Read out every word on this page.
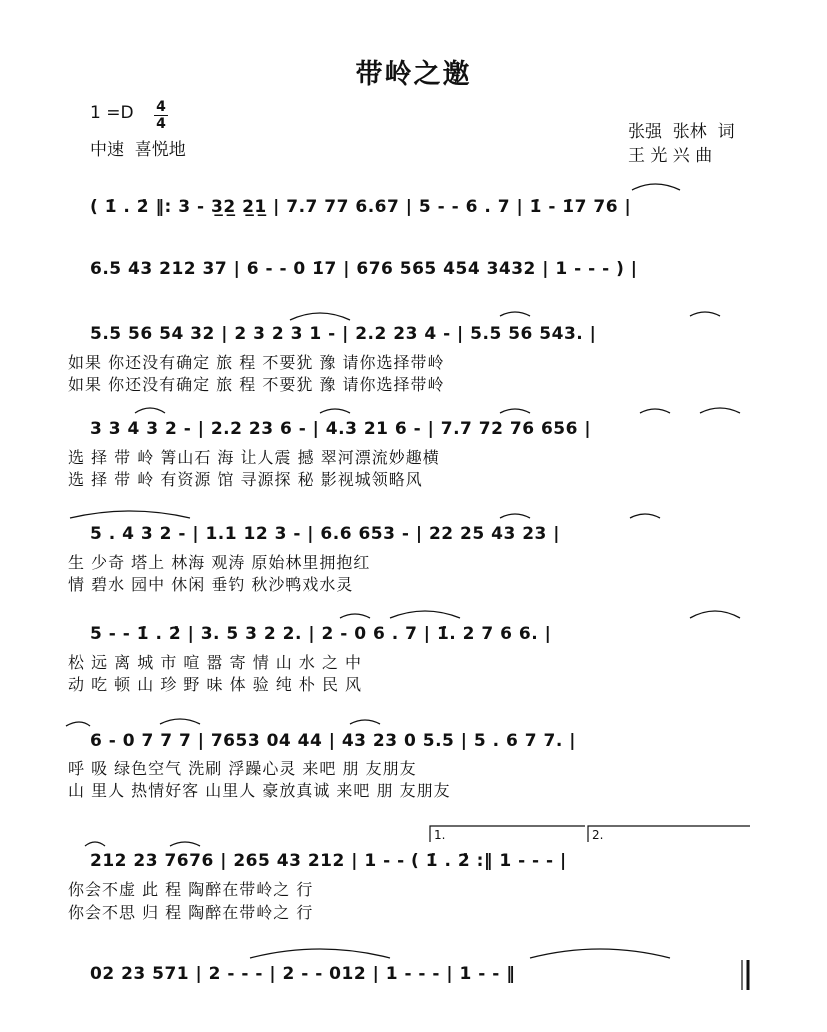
带岭之邀
1 =D 4
4
中速  喜悦地
张强  张林  词
王 光 兴 曲
( 1̇ . 2̇ ‖: 3 - 3̲2̲ 2̲1̲ | 7.7 77 6.67 | 5 - - 6 . 7 | 1̇ - 1̇7 76 |
6.5 43 212 37 | 6 - - 0 1̇7 | 676 565 454 3432 | 1 - - - ) |
5.5 56 54 32 | 2 3 2 3 1 - | 2.2 23 4 - | 5.5 56 543. |
如果 你还没有确定 旅 程 不要犹 豫 请你选择带岭
如果 你还没有确定 旅 程 不要犹 豫 请你选择带岭
3 3 4 3 2 - | 2.2 23 6 - | 4.3 21 6 - | 7.7 72 76 656 |
选 择 带 岭 箐山石 海 让人震 撼 翠河漂流妙趣横
选 择 带 岭 有资源 馆 寻源探 秘 影视城领略风
5 . 4 3 2 - | 1.1 12 3 - | 6.6 653 - | 22 25 43 23 |
生 少奇 塔上 林海 观涛 原始林里拥抱红
情 碧水 园中 休闲 垂钓 秋沙鸭戏水灵
5 - - 1̇ . 2̇ | 3. 5 3 2 2. | 2 - 0 6 . 7 | 1̇. 2 7 6 6. |
松 远 离 城 市 喧 嚣 寄 情 山 水 之 中
动 吃 顿 山 珍 野 味 体 验 纯 朴 民 风
6 - 0 7 7 7 | 7653 04 44 | 43 23 0 5.5 | 5 . 6 7 7. |
呼 吸 绿色空气 洗刷 浮躁心灵 来吧 朋 友朋友
山 里人 热情好客 山里人 豪放真诚 来吧 朋 友朋友
1.	2.
212 23 7676 | 265 43 212 | 1 - - ( 1̇ . 2̇ :‖ 1 - - - |
你会不虚 此 程 陶醉在带岭之 行
你会不思 归 程 陶醉在带岭之 行
02 23 571 | 2 - - - | 2 - - 012 | 1 - - - | 1 - - ‖
